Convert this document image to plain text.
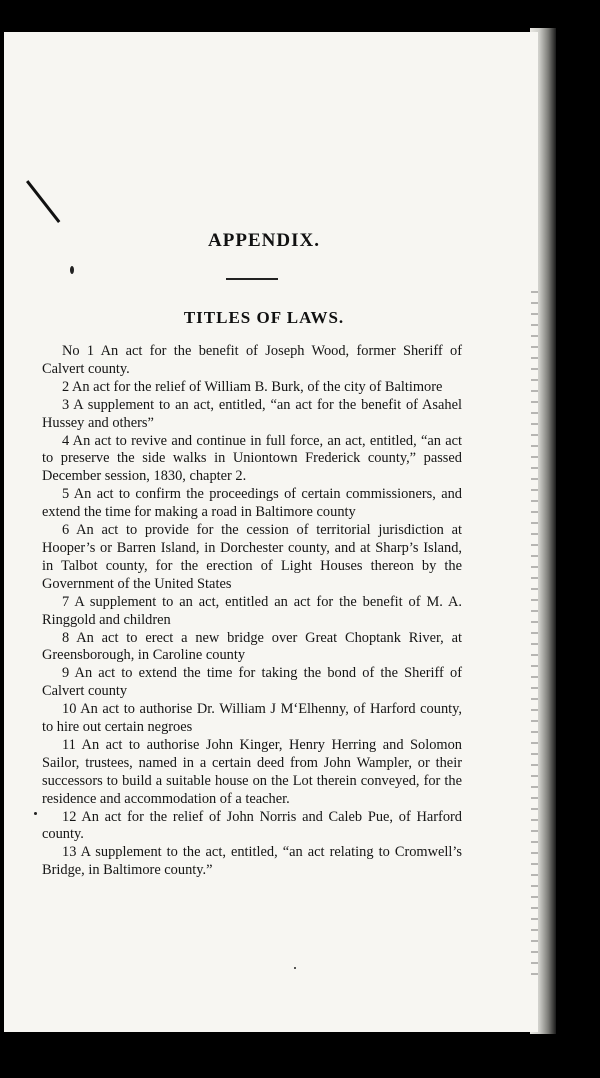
APPENDIX.
TITLES OF LAWS.

No 1 An act for the benefit of Joseph Wood, former Sheriff of Calvert county.

2 An act for the relief of William B. Burk, of the city of Baltimore

3 A supplement to an act, entitled, “an act for the benefit of Asahel Hussey and others”

4 An act to revive and continue in full force, an act, entitled, “an act to preserve the side walks in Uniontown Frederick county,” passed December session, 1830, chapter 2.

5 An act to confirm the proceedings of certain commissioners, and extend the time for making a road in Baltimore county

6 An act to provide for the cession of territorial jurisdiction at Hooper’s or Barren Island, in Dorchester county, and at Sharp’s Island, in Talbot county, for the erection of Light Houses thereon by the Government of the United States

7 A supplement to an act, entitled an act for the benefit of M. A. Ringgold and children

8 An act to erect a new bridge over Great Choptank River, at Greensborough, in Caroline county

9 An act to extend the time for taking the bond of the Sheriff of Calvert county

10 An act to authorise Dr. William J M‘Elhenny, of Harford county, to hire out certain negroes

11 An act to authorise John Kinger, Henry Herring and Solomon Sailor, trustees, named in a certain deed from John Wampler, or their successors to build a suitable house on the Lot therein conveyed, for the residence and accommodation of a teacher.

12 An act for the relief of John Norris and Caleb Pue, of Harford county.

13 A supplement to the act, entitled, “an act relating to Cromwell’s Bridge, in Baltimore county.”
